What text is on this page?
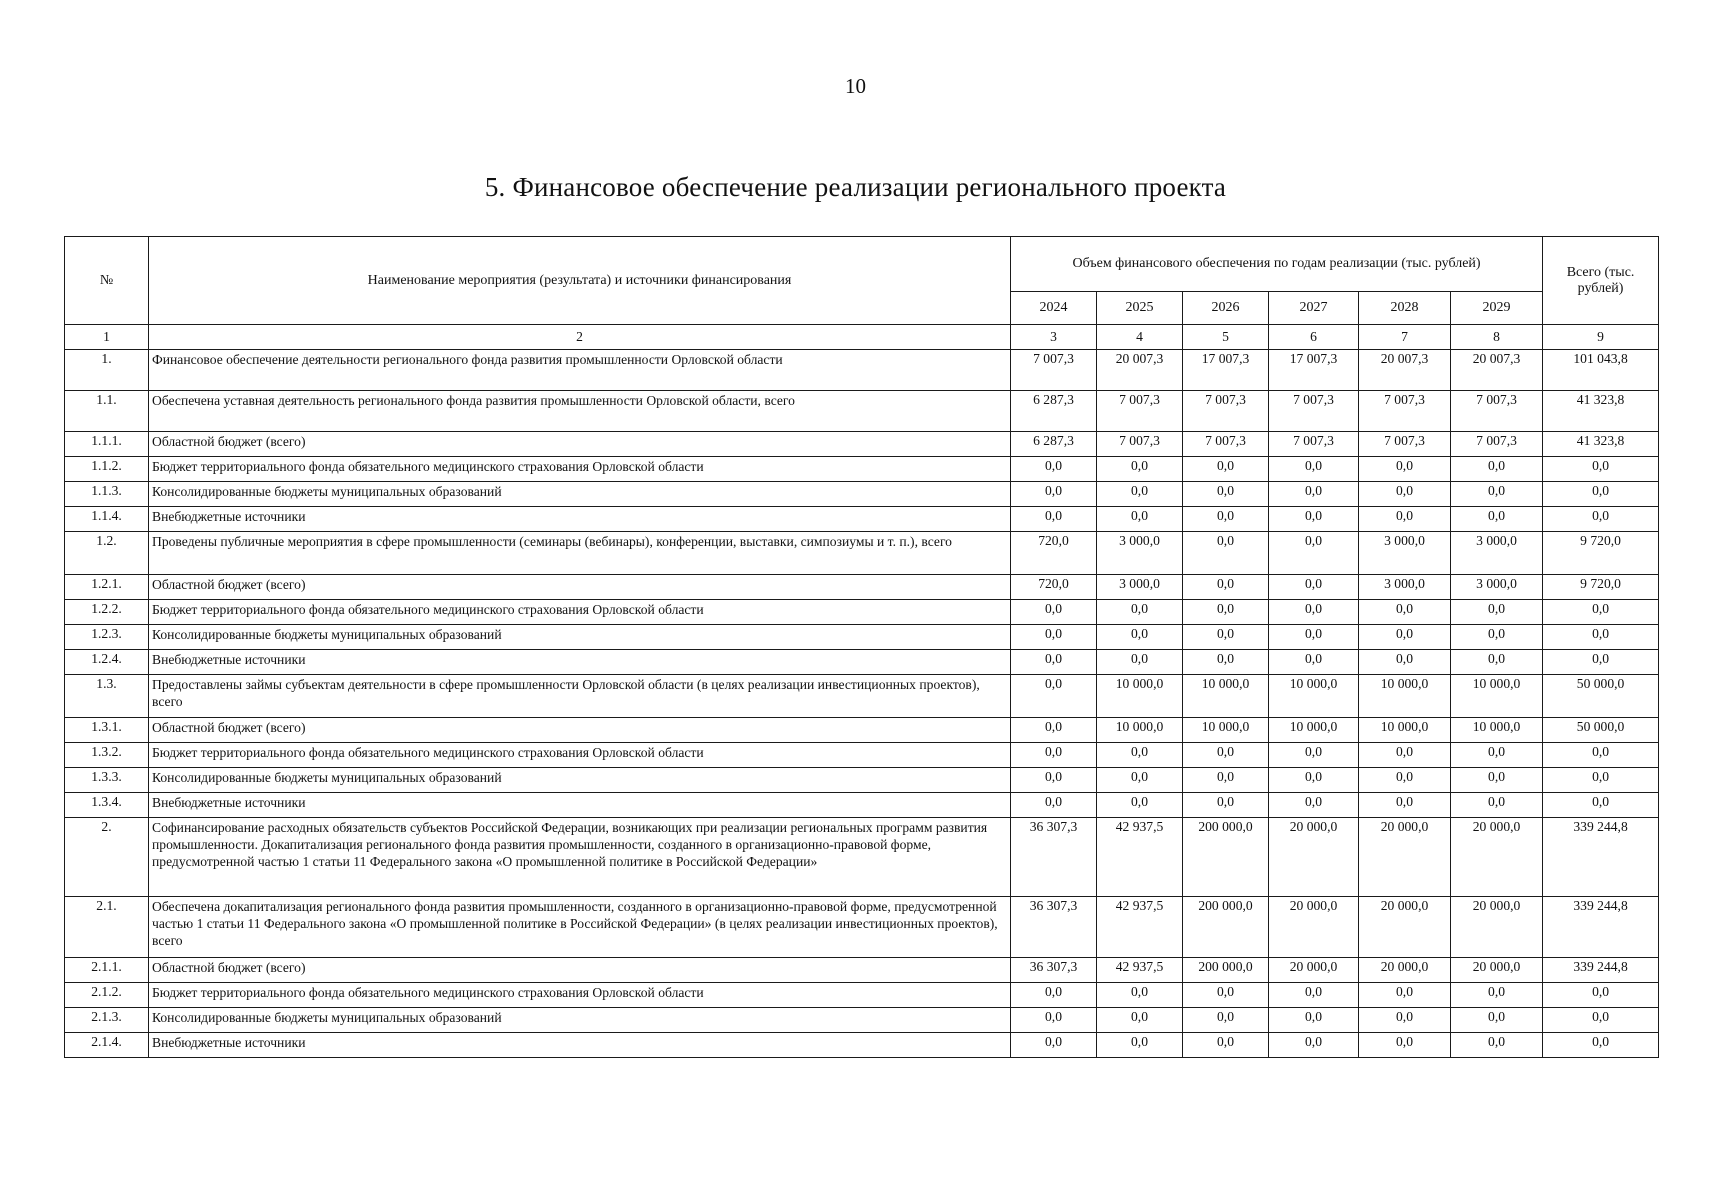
10
5. Финансовое обеспечение реализации регионального проекта
№	Наименование мероприятия (результата) и источники финансирования	Объем финансового обеспечения по годам реализации (тыс. рублей)						Всего (тыс. рублей)
		2024	2025	2026	2027	2028	2029	
1	2	3	4	5	6	7	8	9
1.	Финансовое обеспечение деятельности регионального фонда развития промышленности Орловской области	7 007,3	20 007,3	17 007,3	17 007,3	20 007,3	20 007,3	101 043,8
1.1.	Обеспечена уставная деятельность регионального фонда развития промышленности Орловской области, всего	6 287,3	7 007,3	7 007,3	7 007,3	7 007,3	7 007,3	41 323,8
1.1.1.	Областной бюджет (всего)	6 287,3	7 007,3	7 007,3	7 007,3	7 007,3	7 007,3	41 323,8
1.1.2.	Бюджет территориального фонда обязательного медицинского страхования Орловской области	0,0	0,0	0,0	0,0	0,0	0,0	0,0
1.1.3.	Консолидированные бюджеты муниципальных образований	0,0	0,0	0,0	0,0	0,0	0,0	0,0
1.1.4.	Внебюджетные источники	0,0	0,0	0,0	0,0	0,0	0,0	0,0
1.2.	Проведены публичные мероприятия в сфере промышленности (семинары (вебинары), конференции, выставки, симпозиумы и т. п.), всего	720,0	3 000,0	0,0	0,0	3 000,0	3 000,0	9 720,0
1.2.1.	Областной бюджет (всего)	720,0	3 000,0	0,0	0,0	3 000,0	3 000,0	9 720,0
1.2.2.	Бюджет территориального фонда обязательного медицинского страхования Орловской области	0,0	0,0	0,0	0,0	0,0	0,0	0,0
1.2.3.	Консолидированные бюджеты муниципальных образований	0,0	0,0	0,0	0,0	0,0	0,0	0,0
1.2.4.	Внебюджетные источники	0,0	0,0	0,0	0,0	0,0	0,0	0,0
1.3.	Предоставлены займы субъектам деятельности в сфере промышленности Орловской области (в целях реализации инвестиционных проектов), всего	0,0	10 000,0	10 000,0	10 000,0	10 000,0	10 000,0	50 000,0
1.3.1.	Областной бюджет (всего)	0,0	10 000,0	10 000,0	10 000,0	10 000,0	10 000,0	50 000,0
1.3.2.	Бюджет территориального фонда обязательного медицинского страхования Орловской области	0,0	0,0	0,0	0,0	0,0	0,0	0,0
1.3.3.	Консолидированные бюджеты муниципальных образований	0,0	0,0	0,0	0,0	0,0	0,0	0,0
1.3.4.	Внебюджетные источники	0,0	0,0	0,0	0,0	0,0	0,0	0,0
2.	Софинансирование расходных обязательств субъектов Российской Федерации, возникающих при реализации региональных программ развития промышленности. Докапитализация регионального фонда развития промышленности, созданного в организационно-правовой форме, предусмотренной частью 1 статьи 11 Федерального закона «О промышленной политике в Российской Федерации»	36 307,3	42 937,5	200 000,0	20 000,0	20 000,0	20 000,0	339 244,8
2.1.	Обеспечена докапитализация регионального фонда развития промышленности, созданного в организационно-правовой форме, предусмотренной частью 1 статьи 11 Федерального закона «О промышленной политике в Российской Федерации» (в целях реализации инвестиционных проектов), всего	36 307,3	42 937,5	200 000,0	20 000,0	20 000,0	20 000,0	339 244,8
2.1.1.	Областной бюджет (всего)	36 307,3	42 937,5	200 000,0	20 000,0	20 000,0	20 000,0	339 244,8
2.1.2.	Бюджет территориального фонда обязательного медицинского страхования Орловской области	0,0	0,0	0,0	0,0	0,0	0,0	0,0
2.1.3.	Консолидированные бюджеты муниципальных образований	0,0	0,0	0,0	0,0	0,0	0,0	0,0
2.1.4.	Внебюджетные источники	0,0	0,0	0,0	0,0	0,0	0,0	0,0
